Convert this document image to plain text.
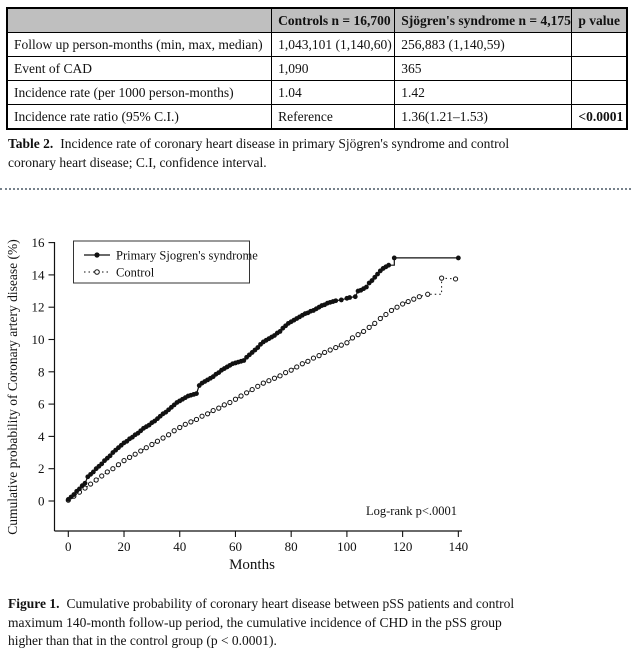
	Controls n = 16,700	Sjögren's syndrome n = 4,175	p value
Follow up person-months (min, max, median)	1,043,101 (1,140,60)	256,883 (1,140,59)	
Event of CAD	1,090	365	
Incidence rate (per 1000 person-months)	1.04	1.42	
Incidence rate ratio (95% C.I.)	Reference	1.36(1.21–1.53)	<0.0001
Table 2. Incidence rate of coronary heart disease in primary Sjögren's syndrome and control
coronary heart disease; C.I, confidence interval.
0
2
4
6
8
10
12
14
16
Cumulative probability of Coronary artery disease (%)
0	20	40	60	80	100	120	140
Months
Primary Sjogren's syndrome
Control
Log-rank p<.0001
Figure 1. Cumulative probability of coronary heart disease between pSS patients and control
maximum 140-month follow-up period, the cumulative incidence of CHD in the pSS group
higher than that in the control group (p < 0.0001).
